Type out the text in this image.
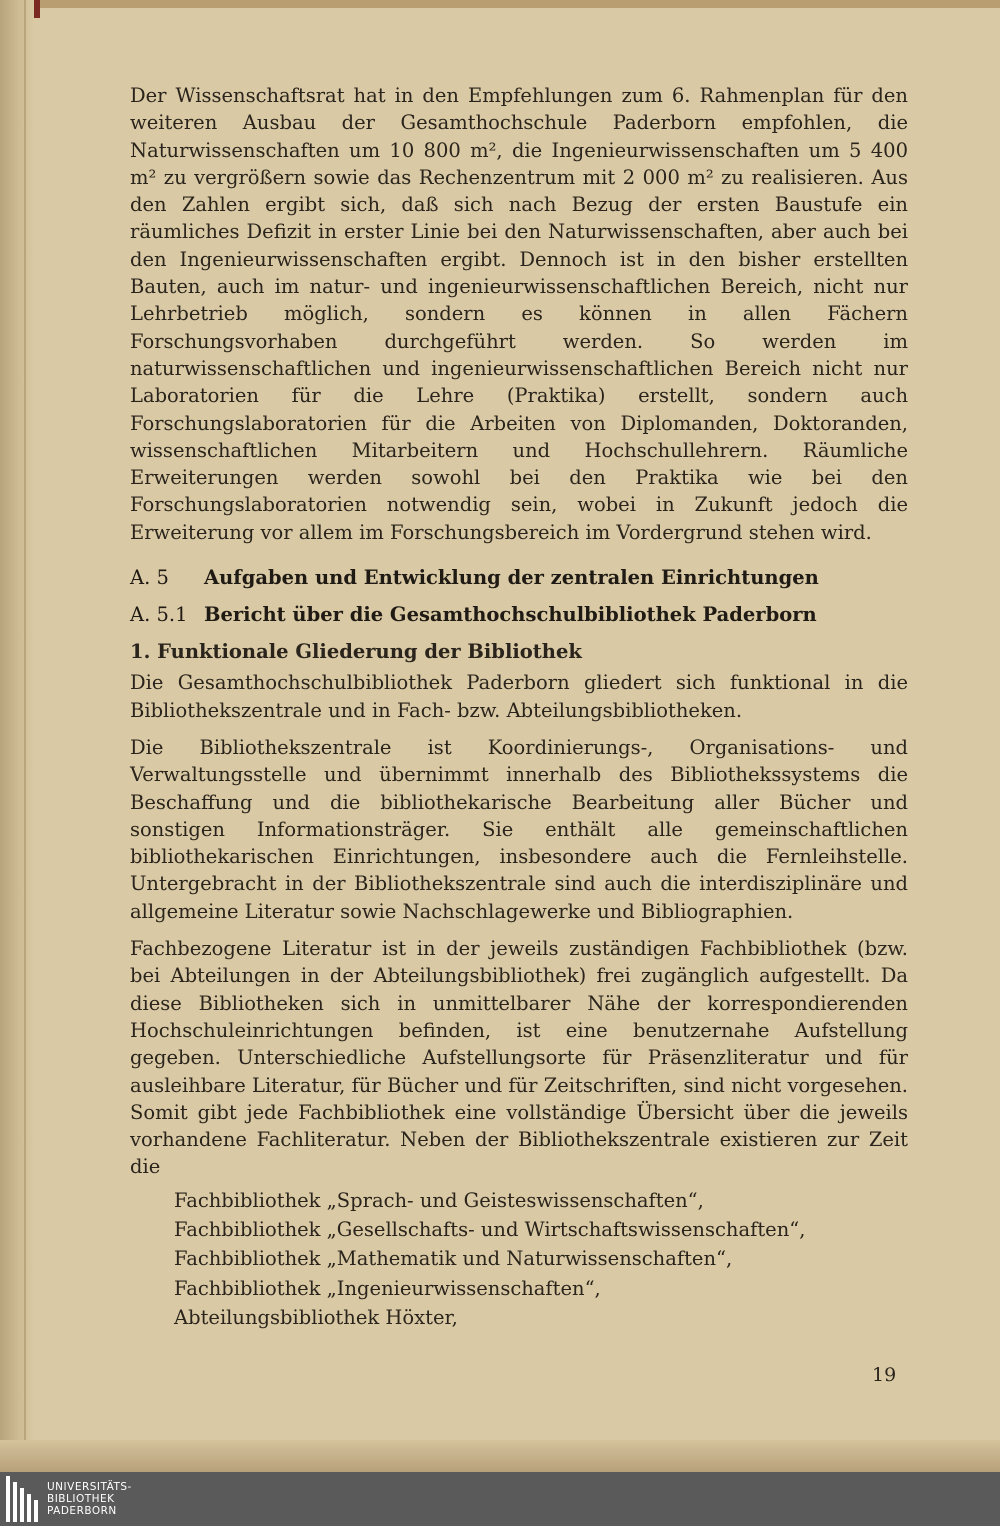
Der Wissenschaftsrat hat in den Empfehlungen zum 6. Rahmenplan für den weiteren Ausbau der Gesamthochschule Paderborn empfohlen, die Naturwissenschaften um 10 800 m², die Ingenieurwissenschaften um 5 400 m² zu vergrößern sowie das Rechenzentrum mit 2 000 m² zu realisieren. Aus den Zahlen ergibt sich, daß sich nach Bezug der ersten Baustufe ein räumliches Defizit in erster Linie bei den Naturwissenschaften, aber auch bei den Ingenieurwissenschaften ergibt. Dennoch ist in den bisher erstellten Bauten, auch im natur- und ingenieurwissenschaftlichen Bereich, nicht nur Lehrbetrieb möglich, sondern es können in allen Fächern Forschungsvorhaben durchgeführt werden. So werden im naturwissenschaftlichen und ingenieurwissenschaftlichen Bereich nicht nur Laboratorien für die Lehre (Praktika) erstellt, sondern auch Forschungslaboratorien für die Arbeiten von Diplomanden, Doktoranden, wissenschaftlichen Mitarbeitern und Hochschullehrern. Räumliche Erweiterungen werden sowohl bei den Praktika wie bei den Forschungslaboratorien notwendig sein, wobei in Zukunft jedoch die Erweiterung vor allem im Forschungsbereich im Vordergrund stehen wird.

A. 5	Aufgaben und Entwicklung der zentralen Einrichtungen
A. 5.1 Bericht über die Gesamthochschulbibliothek Paderborn
1. Funktionale Gliederung der Bibliothek

Die Gesamthochschulbibliothek Paderborn gliedert sich funktional in die Bibliothekszentrale und in Fach- bzw. Abteilungsbibliotheken.

Die Bibliothekszentrale ist Koordinierungs-, Organisations- und Verwaltungsstelle und übernimmt innerhalb des Bibliothekssystems die Beschaffung und die bibliothekarische Bearbeitung aller Bücher und sonstigen Informationsträger. Sie enthält alle gemeinschaftlichen bibliothekarischen Einrichtungen, insbesondere auch die Fernleihstelle. Untergebracht in der Bibliothekszentrale sind auch die interdisziplinäre und allgemeine Literatur sowie Nachschlagewerke und Bibliographien.

Fachbezogene Literatur ist in der jeweils zuständigen Fachbibliothek (bzw. bei Abteilungen in der Abteilungsbibliothek) frei zugänglich aufgestellt. Da diese Bibliotheken sich in unmittelbarer Nähe der korrespondierenden Hochschuleinrichtungen befinden, ist eine benutzernahe Aufstellung gegeben. Unterschiedliche Aufstellungsorte für Präsenzliteratur und für ausleihbare Literatur, für Bücher und für Zeitschriften, sind nicht vorgesehen. Somit gibt jede Fachbibliothek eine vollständige Übersicht über die jeweils vorhandene Fachliteratur. Neben der Bibliothekszentrale existieren zur Zeit die

Fachbibliothek „Sprach- und Geisteswissenschaften“,
Fachbibliothek „Gesellschafts- und Wirtschaftswissenschaften“,
Fachbibliothek „Mathematik und Naturwissenschaften“,
Fachbibliothek „Ingenieurwissenschaften“,
Abteilungsbibliothek Höxter,
19
UNIVERSITÄTS-
BIBLIOTHEK
PADERBORN
